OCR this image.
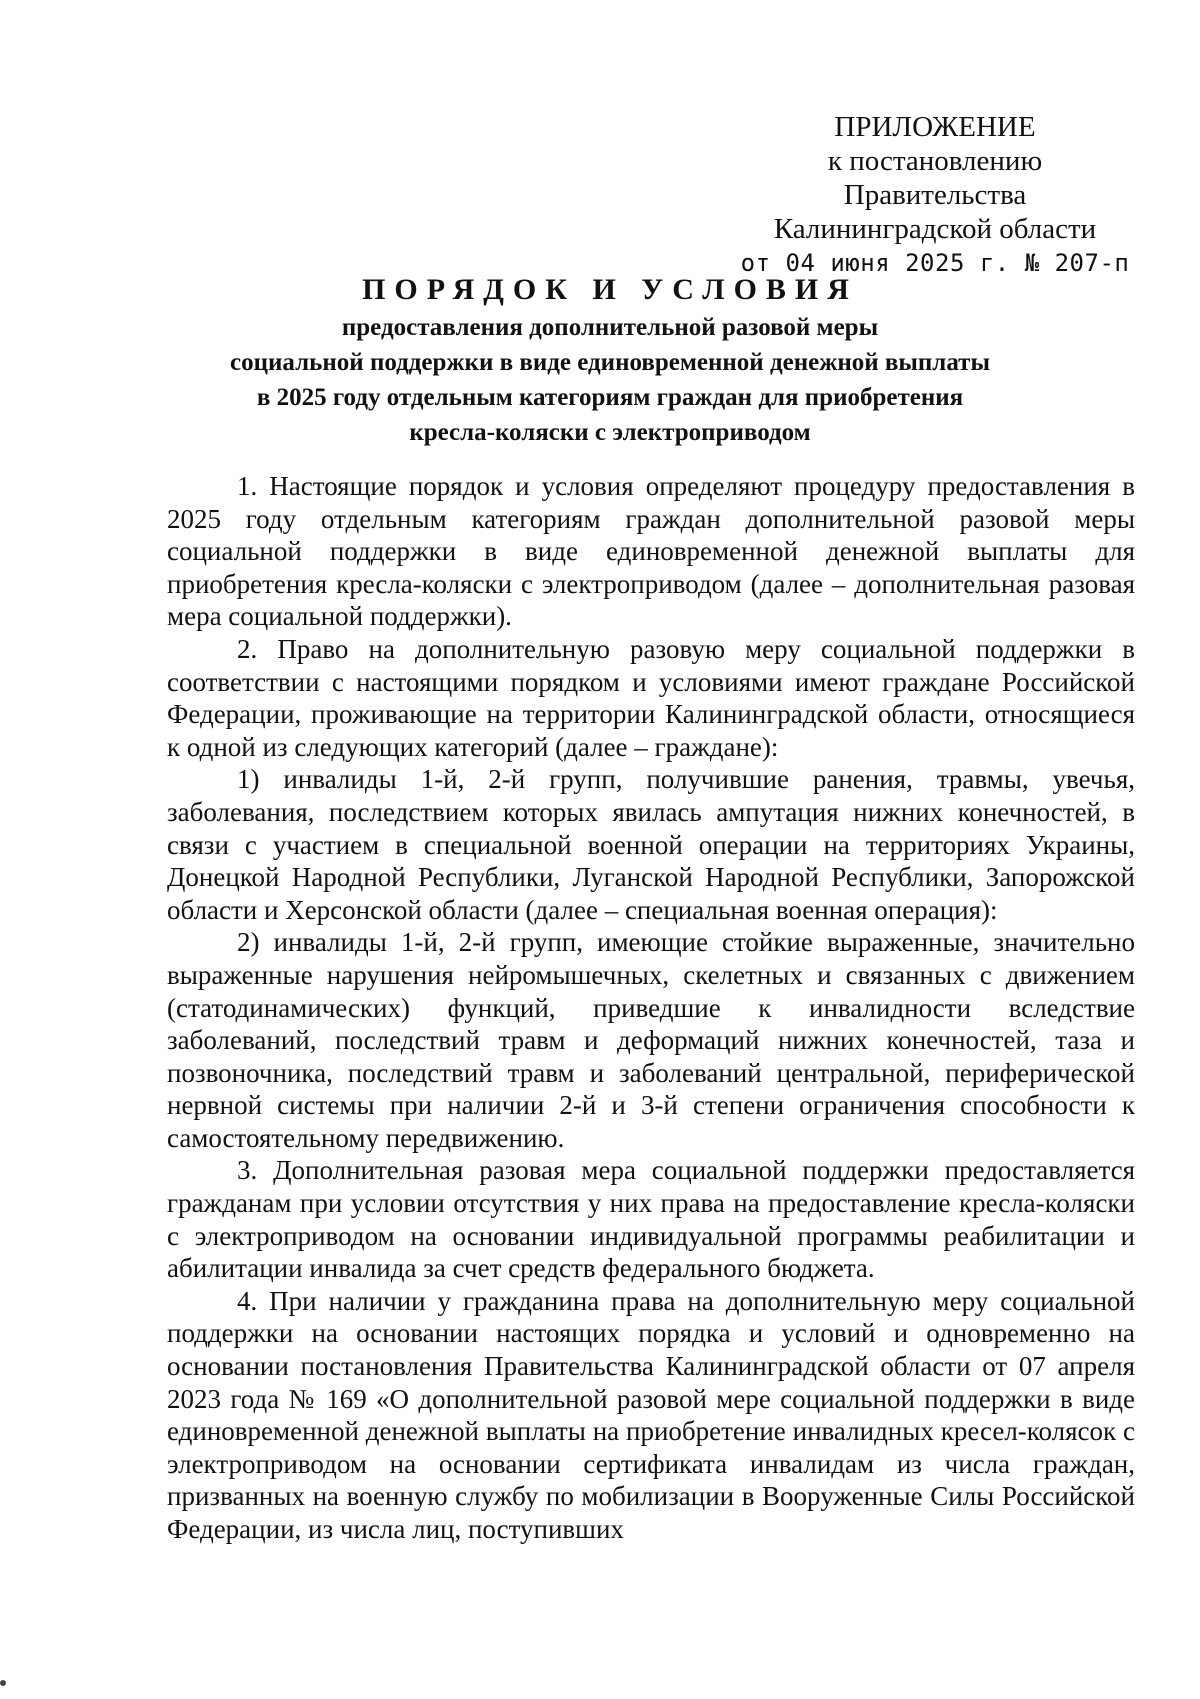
ПРИЛОЖЕНИЕ
к постановлению Правительства
Калининградской области
от 04 июня 2025 г. № 207-п
ПОРЯДОК И УСЛОВИЯ
предоставления дополнительной разовой меры
социальной поддержки в виде единовременной денежной выплаты
в 2025 году отдельным категориям граждан для приобретения
кресла-коляски с электроприводом

1. Настоящие порядок и условия определяют процедуру предоставления в 2025 году отдельным категориям граждан дополнительной разовой меры социальной поддержки в виде единовременной денежной выплаты для приобретения кресла-коляски с электроприводом (далее – дополнительная разовая мера социальной поддержки).

2. Право на дополнительную разовую меру социальной поддержки в соответствии с настоящими порядком и условиями имеют граждане Российской Федерации, проживающие на территории Калининградской области, относящиеся к одной из следующих категорий (далее – граждане):

1) инвалиды 1-й, 2-й групп, получившие ранения, травмы, увечья, заболевания, последствием которых явилась ампутация нижних конечностей, в связи с участием в специальной военной операции на территориях Украины, Донецкой Народной Республики, Луганской Народной Республики, Запорожской области и Херсонской области (далее – специальная военная операция):

2) инвалиды 1-й, 2-й групп, имеющие стойкие выраженные, значительно выраженные нарушения нейромышечных, скелетных и связанных с движением (статодинамических) функций, приведшие к инвалидности вследствие заболеваний, последствий травм и деформаций нижних конечностей, таза и позвоночника, последствий травм и заболеваний центральной, периферической нервной системы при наличии 2-й и 3-й степени ограничения способности к самостоятельному передвижению.

3. Дополнительная разовая мера социальной поддержки предоставляется гражданам при условии отсутствия у них права на предоставление кресла-коляски с электроприводом на основании индивидуальной программы реабилитации и абилитации инвалида за счет средств федерального бюджета.

4. При наличии у гражданина права на дополнительную меру социальной поддержки на основании настоящих порядка и условий и одновременно на основании постановления Правительства Калининградской области от 07 апреля 2023 года № 169 «О дополнительной разовой мере социальной поддержки в виде единовременной денежной выплаты на приобретение инвалидных кресел-колясок с электроприводом на основании сертификата инвалидам из числа граждан, призванных на военную службу по мобилизации в Вооруженные Силы Российской Федерации, из числа лиц, поступивших
